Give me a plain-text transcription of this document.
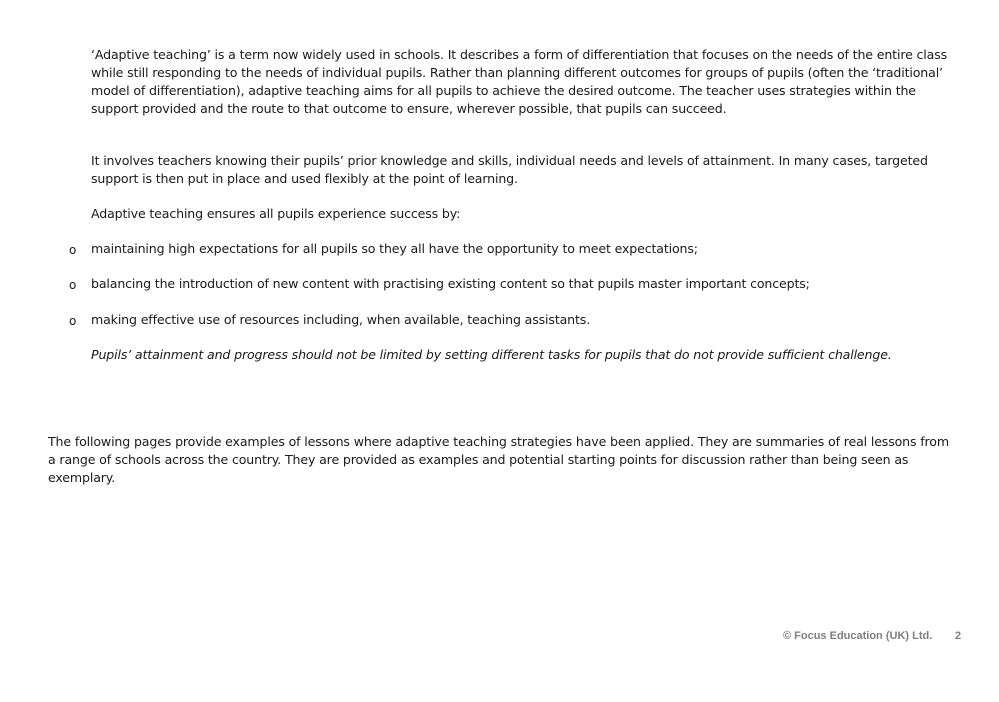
‘Adaptive teaching’ is a term now widely used in schools. It describes a form of differentiation that focuses on the needs of the entire class while still responding to the needs of individual pupils. Rather than planning different outcomes for groups of pupils (often the ‘traditional’ model of differentiation), adaptive teaching aims for all pupils to achieve the desired outcome. The teacher uses strategies within the support provided and the route to that outcome to ensure, wherever possible, that pupils can succeed.

It involves teachers knowing their pupils’ prior knowledge and skills, individual needs and levels of attainment. In many cases, targeted support is then put in place and used flexibly at the point of learning.

Adaptive teaching ensures all pupils experience success by:

o maintaining high expectations for all pupils so they all have the opportunity to meet expectations;

o balancing the introduction of new content with practising existing content so that pupils master important concepts;

o making effective use of resources including, when available, teaching assistants.

Pupils’ attainment and progress should not be limited by setting different tasks for pupils that do not provide sufficient challenge.

The following pages provide examples of lessons where adaptive teaching strategies have been applied. They are summaries of real lessons from a range of schools across the country. They are provided as examples and potential starting points for discussion rather than being seen as exemplary.

© Focus Education (UK) Ltd. 2
